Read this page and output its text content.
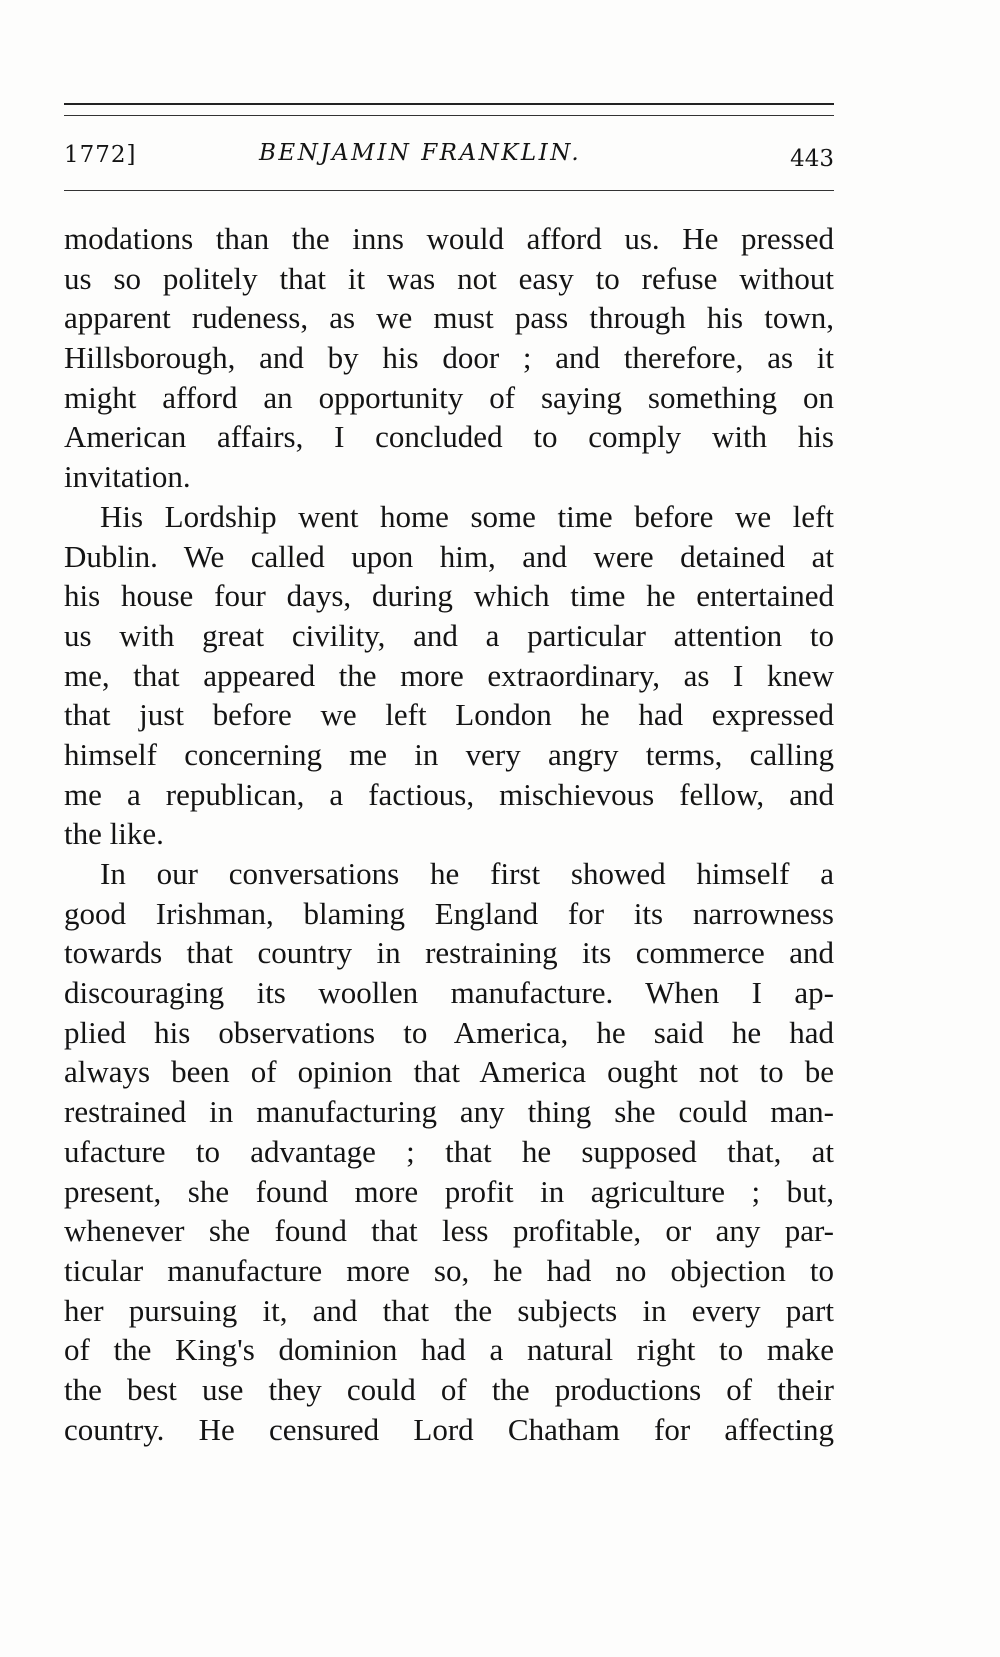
1772]	BENJAMIN FRANKLIN.	443
modations than the inns would afford us. He pressed
us so politely that it was not easy to refuse without
apparent rudeness, as we must pass through his town,
Hillsborough, and by his door ; and therefore, as it
might afford an opportunity of saying something on
American affairs, I concluded to comply with his
invitation.
His Lordship went home some time before we left
Dublin. We called upon him, and were detained at
his house four days, during which time he entertained
us with great civility, and a particular attention to
me, that appeared the more extraordinary, as I knew
that just before we left London he had expressed
himself concerning me in very angry terms, calling
me a republican, a factious, mischievous fellow, and
the like.
In our conversations he first showed himself a
good Irishman, blaming England for its narrowness
towards that country in restraining its commerce and
discouraging its woollen manufacture. When I ap-
plied his observations to America, he said he had
always been of opinion that America ought not to be
restrained in manufacturing any thing she could man-
ufacture to advantage ; that he supposed that, at
present, she found more profit in agriculture ; but,
whenever she found that less profitable, or any par-
ticular manufacture more so, he had no objection to
her pursuing it, and that the subjects in every part
of the King's dominion had a natural right to make
the best use they could of the productions of their
country. He censured Lord Chatham for affecting
